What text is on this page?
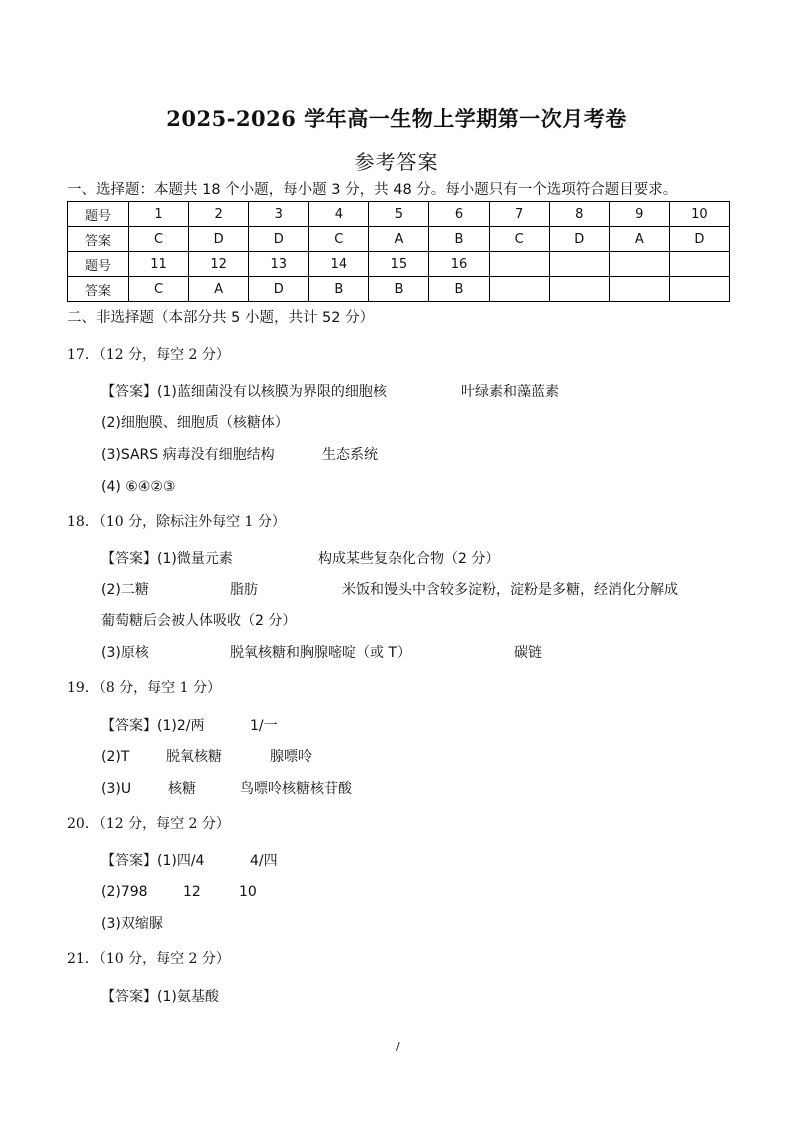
2025-2026 学年高一生物上学期第一次月考卷
参考答案
一、选择题：本题共 18 个小题，每小题 3 分，共 48 分。每小题只有一个选项符合题目要求。
题号	1	2	3	4	5	6	7	8	9	10
答案	C	D	D	C	A	B	C	D	A	D
题号	11	12	13	14	15	16				
答案	C	A	D	B	B	B				
二、非选择题（本部分共 5 小题，共计 52 分）
17．（12 分，每空 2 分）
【答案】(1)蓝细菌没有以核膜为界限的细胞核	叶绿素和藻蓝素
(2)细胞膜、细胞质（核糖体）
(3)SARS 病毒没有细胞结构	生态系统
(4) ⑥④②③
18．（10 分，除标注外每空 1 分）
【答案】(1)微量元素	构成某些复杂化合物（2 分）
(2)二糖	脂肪	米饭和馒头中含较多淀粉，淀粉是多糖，经消化分解成
葡萄糖后会被人体吸收（2 分）
(3)原核	脱氧核糖和胸腺嘧啶（或 T）	碳链
19．（8 分，每空 1 分）
【答案】(1)2/两	1/一
(2)T	脱氧核糖	腺嘌呤
(3)U	核糖	鸟嘌呤核糖核苷酸
20．（12 分，每空 2 分）
【答案】(1)四/4	4/四
(2)798	12	10
(3)双缩脲
21．（10 分，每空 2 分）
【答案】(1)氨基酸
/
